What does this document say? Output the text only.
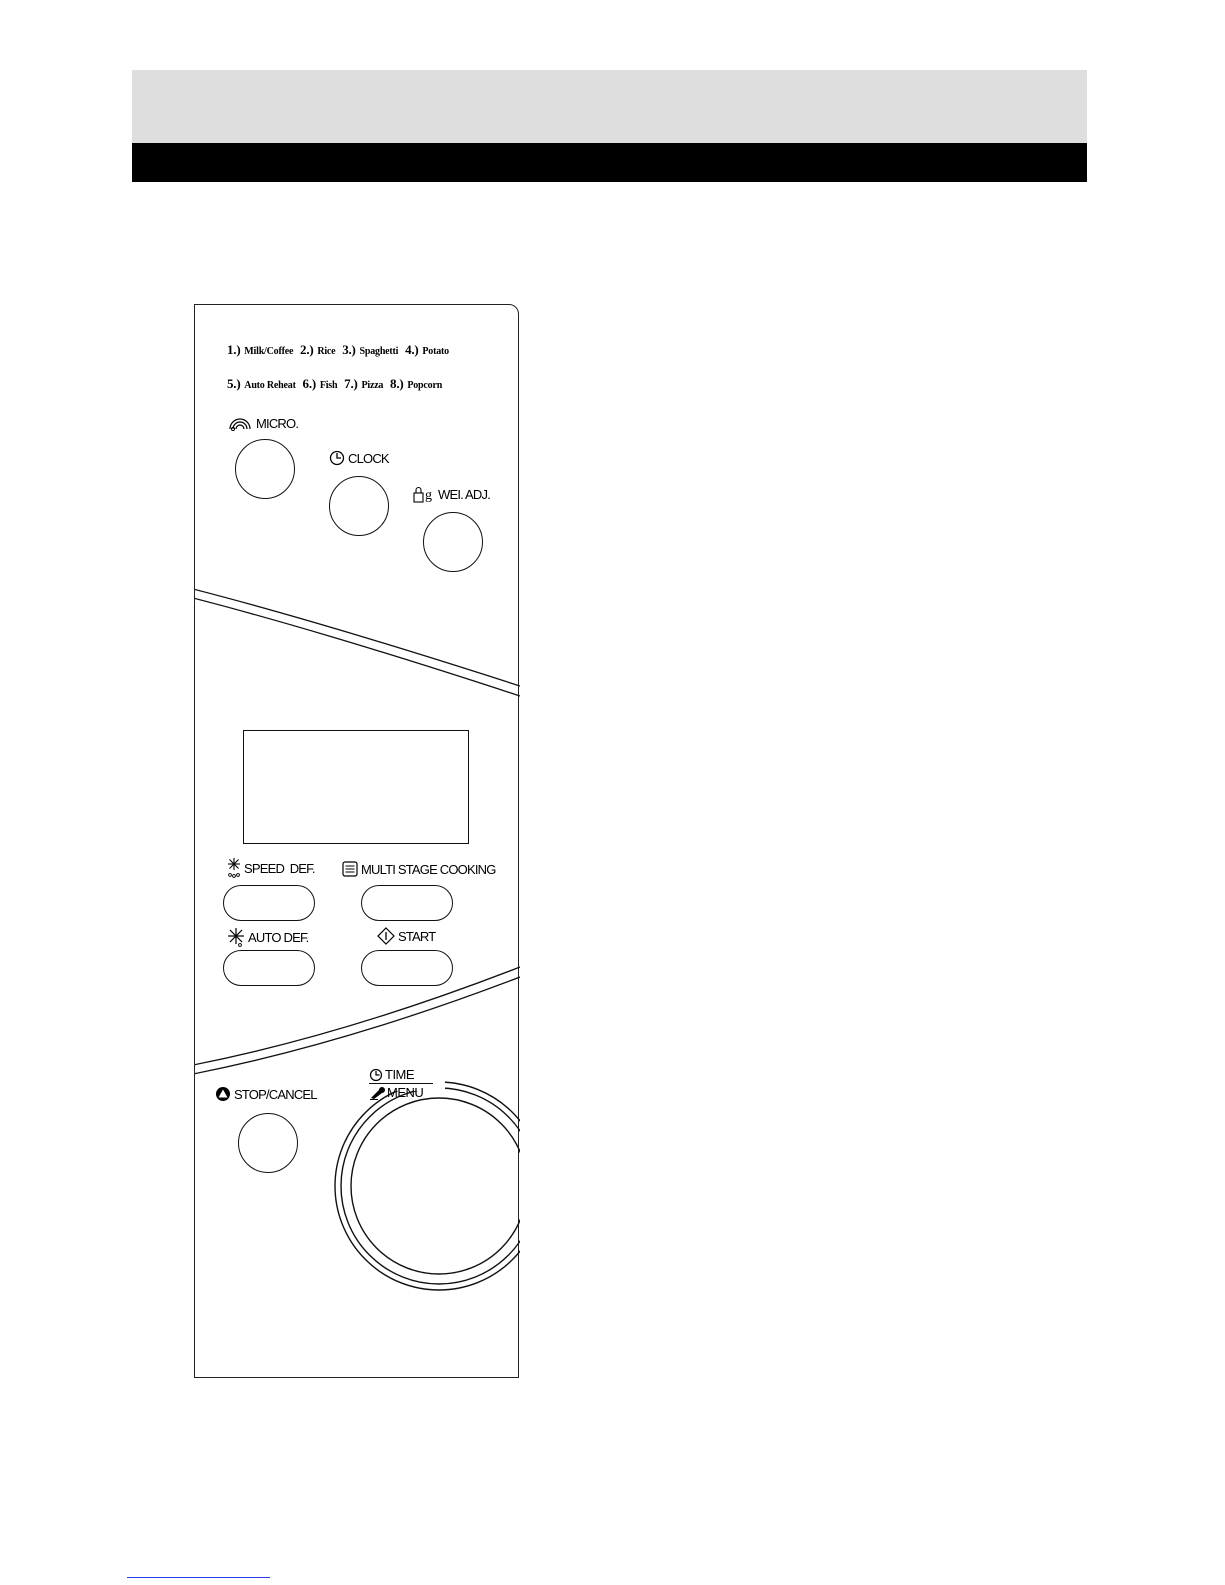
1.) Milk/Coffee 2.) Rice 3.) Spaghetti 4.) Potato
5.) Auto Reheat 6.) Fish 7.) Pizza 8.) Popcorn
MICRO.
CLOCK
g WEI. ADJ.
SPEED  DEF.	MULTI STAGE COOKING
AUTO DEF.	START
STOP/CANCEL
TIME
MENU
